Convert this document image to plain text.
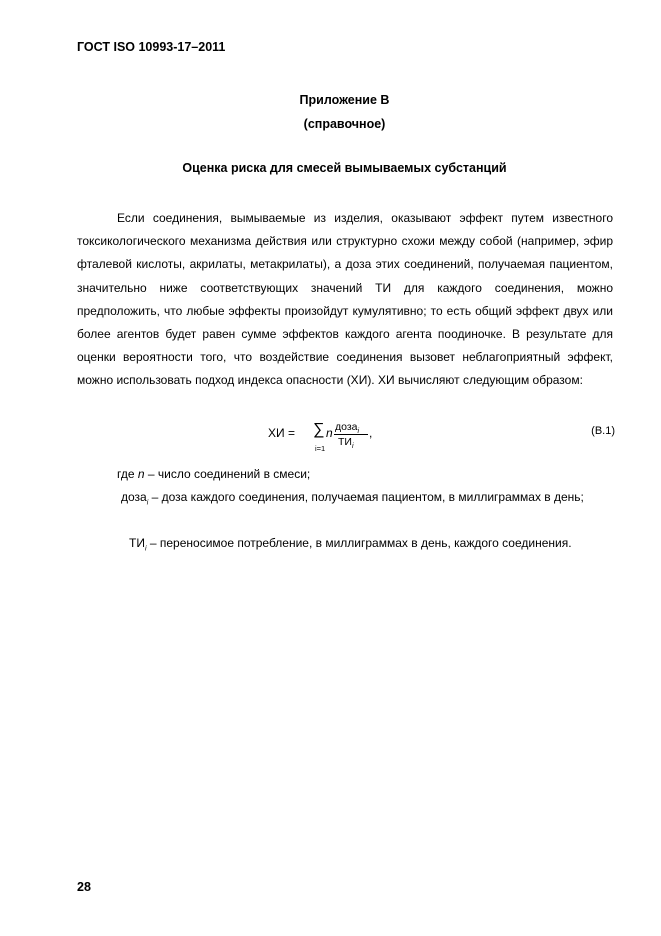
ГОСТ ISO 10993-17–2011
Приложение В
(справочное)
Оценка риска для смесей вымываемых субстанций
Если соединения, вымываемые из изделия, оказывают эффект путем известного токсикологического механизма действия или структурно схожи между собой (например, эфир фталевой кислоты, акрилаты, метакрилаты), а доза этих соединений, получаемая пациентом, значительно ниже соответствующих значений ТИ для каждого соединения, можно предположить, что любые эффекты произойдут кумулятивно; то есть общий эффект двух или более агентов будет равен сумме эффектов каждого агента поодиночке. В результате для оценки вероятности того, что воздействие соединения вызовет неблагоприятный эффект, можно использовать подход индекса опасности (ХИ). ХИ вычисляют следующим образом:
ХИ = ∑
i=1
n доза$_i$
$ТИ_i$
,	(В.1)
где n – число соединений в смеси;
доза$_i$ – доза каждого соединения, получаемая пациентом, в миллиграммах в день;
$ТИ_i$ – переносимое потребление, в миллиграммах в день, каждого соединения.
28
